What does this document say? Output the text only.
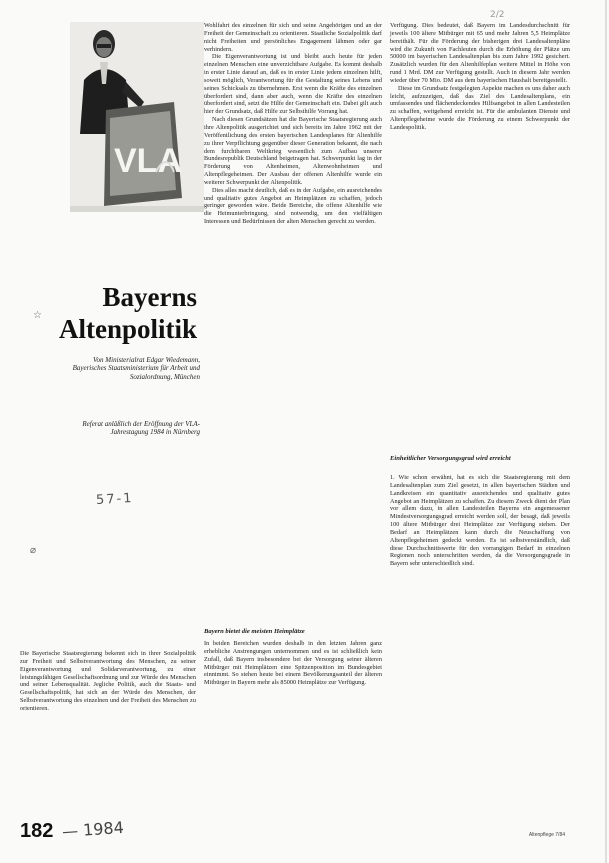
2/2
VLA
Bayerns
Altenpolitik
Von Ministerialrat Edgar Wiedemann, Bayerisches Staatsministerium für Arbeit und Sozialordnung, München
Referat anläßlich der Eröffnung der VLA-Jahrestagung 1984 in Nürnberg
57-1
☆
⌀

Die Bayerische Staatsregierung bekennt sich in ihrer Sozialpolitik zur Freiheit und Selbstverantwortung des Menschen, zu seiner Eigenverantwortung und Solidarverantwortung, zu einer leistungsfähigen Gesellschaftsordnung und zur Würde des Menschen und seiner Lebensqualität. Jegliche Politik, auch die Staats- und Gesellschaftspolitik, hat sich an der Würde des Menschen, der Selbstverantwortung des einzelnen und der Freiheit des Menschen zu orientieren.

Wohlfahrt des einzelnen für sich und seine Angehörigen und an der Freiheit der Gemeinschaft zu orientieren. Staatliche Sozialpolitik darf nicht Freiheiten und persönliches Engagement lähmen oder gar verhindern.

Die Eigenverantwortung ist und bleibt auch heute für jeden einzelnen Menschen eine unverzichtbare Aufgabe. Es kommt deshalb in erster Linie darauf an, daß es in erster Linie jedem einzelnen hilft, soweit möglich, Verantwortung für die Gestaltung seines Lebens und seines Schicksals zu übernehmen. Erst wenn die Kräfte des einzelnen überfordert sind, dann aber auch, wenn die Kräfte des einzelnen überfordert sind, setzt die Hilfe der Gemeinschaft ein. Dabei gilt auch hier der Grundsatz, daß Hilfe zur Selbsthilfe Vorrang hat.

Nach diesen Grundsätzen hat die Bayerische Staatsregierung auch ihre Altenpolitik ausgerichtet und sich bereits im Jahre 1962 mit der Veröffentlichung des ersten bayerischen Landesplanes für Altenhilfe zu ihrer Verpflichtung gegenüber dieser Generation bekannt, die nach dem furchtbaren Weltkrieg wesentlich zum Aufbau unserer Bundesrepublik Deutschland beigetragen hat. Schwerpunkt lag in der Förderung von Altenheimen, Altenwohnheimen und Altenpflegeheimen. Der Ausbau der offenen Altenhilfe wurde ein weiterer Schwerpunkt der Altenpolitik.

Dies alles macht deutlich, daß es in der Aufgabe, ein ausreichendes und qualitativ gutes Angebot an Heimplätzen zu schaffen, jedoch geringer geworden wäre. Beide Bereiche, die offene Altenhilfe wie die Heimunterbringung, sind notwendig, um den vielfältigen Interessen und Bedürfnissen der alten Menschen gerecht zu werden.

Bayern bietet die meisten Heimplätze

In beiden Bereichen wurden deshalb in den letzten Jahren ganz erhebliche Anstrengungen unternommen und es ist schließlich kein Zufall, daß Bayern insbesondere bei der Versorgung seiner älteren Mitbürger mit Heimplätzen eine Spitzenposition im Bundesgebiet einnimmt. So stehen heute bei einem Bevölkerungsanteil der älteren Mitbürger in Bayern mehr als 85000 Heimplätze zur Verfügung.

Verfügung. Dies bedeutet, daß Bayern im Landesdurchschnitt für jeweils 100 ältere Mitbürger mit 65 und mehr Jahren 5,5 Heimplätze bereithält. Für die Förderung der bisherigen drei Landesaltenpläne wird die Zukunft von Fachleuten durch die Erhöhung der Plätze um 50000 im bayerischen Landesaltenplan bis zum Jahre 1992 gesichert. Zusätzlich wurden für den Altenhilfeplan weitere Mittel in Höhe von rund 1 Mrd. DM zur Verfügung gestellt. Auch in diesem Jahr werden wieder über 70 Mio. DM aus dem bayerischen Haushalt bereitgestellt.

Diese im Grundsatz festgelegten Aspekte machen es uns daher auch leicht, aufzuzeigen, daß das Ziel des Landesaltenplans, ein umfassendes und flächendeckendes Hilfsangebot in allen Landesteilen zu schaffen, weitgehend erreicht ist. Für die ambulanten Dienste und Altenpflegeheime wurde die Förderung zu einem Schwerpunkt der Landespolitik.

Einheitlicher Versorgungsgrad wird erreicht

1. Wie schon erwähnt, hat es sich die Staatsregierung mit dem Landesaltenplan zum Ziel gesetzt, in allen bayerischen Städten und Landkreisen ein quantitativ ausreichendes und qualitativ gutes Angebot an Heimplätzen zu schaffen. Zu diesem Zweck dient der Plan vor allem dazu, in allen Landesteilen Bayerns ein angemessener Mindestversorgungsgrad erreicht werden soll, der besagt, daß jeweils 100 ältere Mitbürger drei Heimplätze zur Verfügung stehen. Der Bedarf an Heimplätzen kann durch die Neuschaffung von Altenpflegeheimen gedeckt werden. Es ist selbstverständlich, daß diese Durchschnittswerte für den vorrangigen Bedarf in einzelnen Regionen noch unterschritten werden, da die Versorgungsgrade in Bayern sehr unterschiedlich sind.

182 — 1984	Altenpflege 7/84
